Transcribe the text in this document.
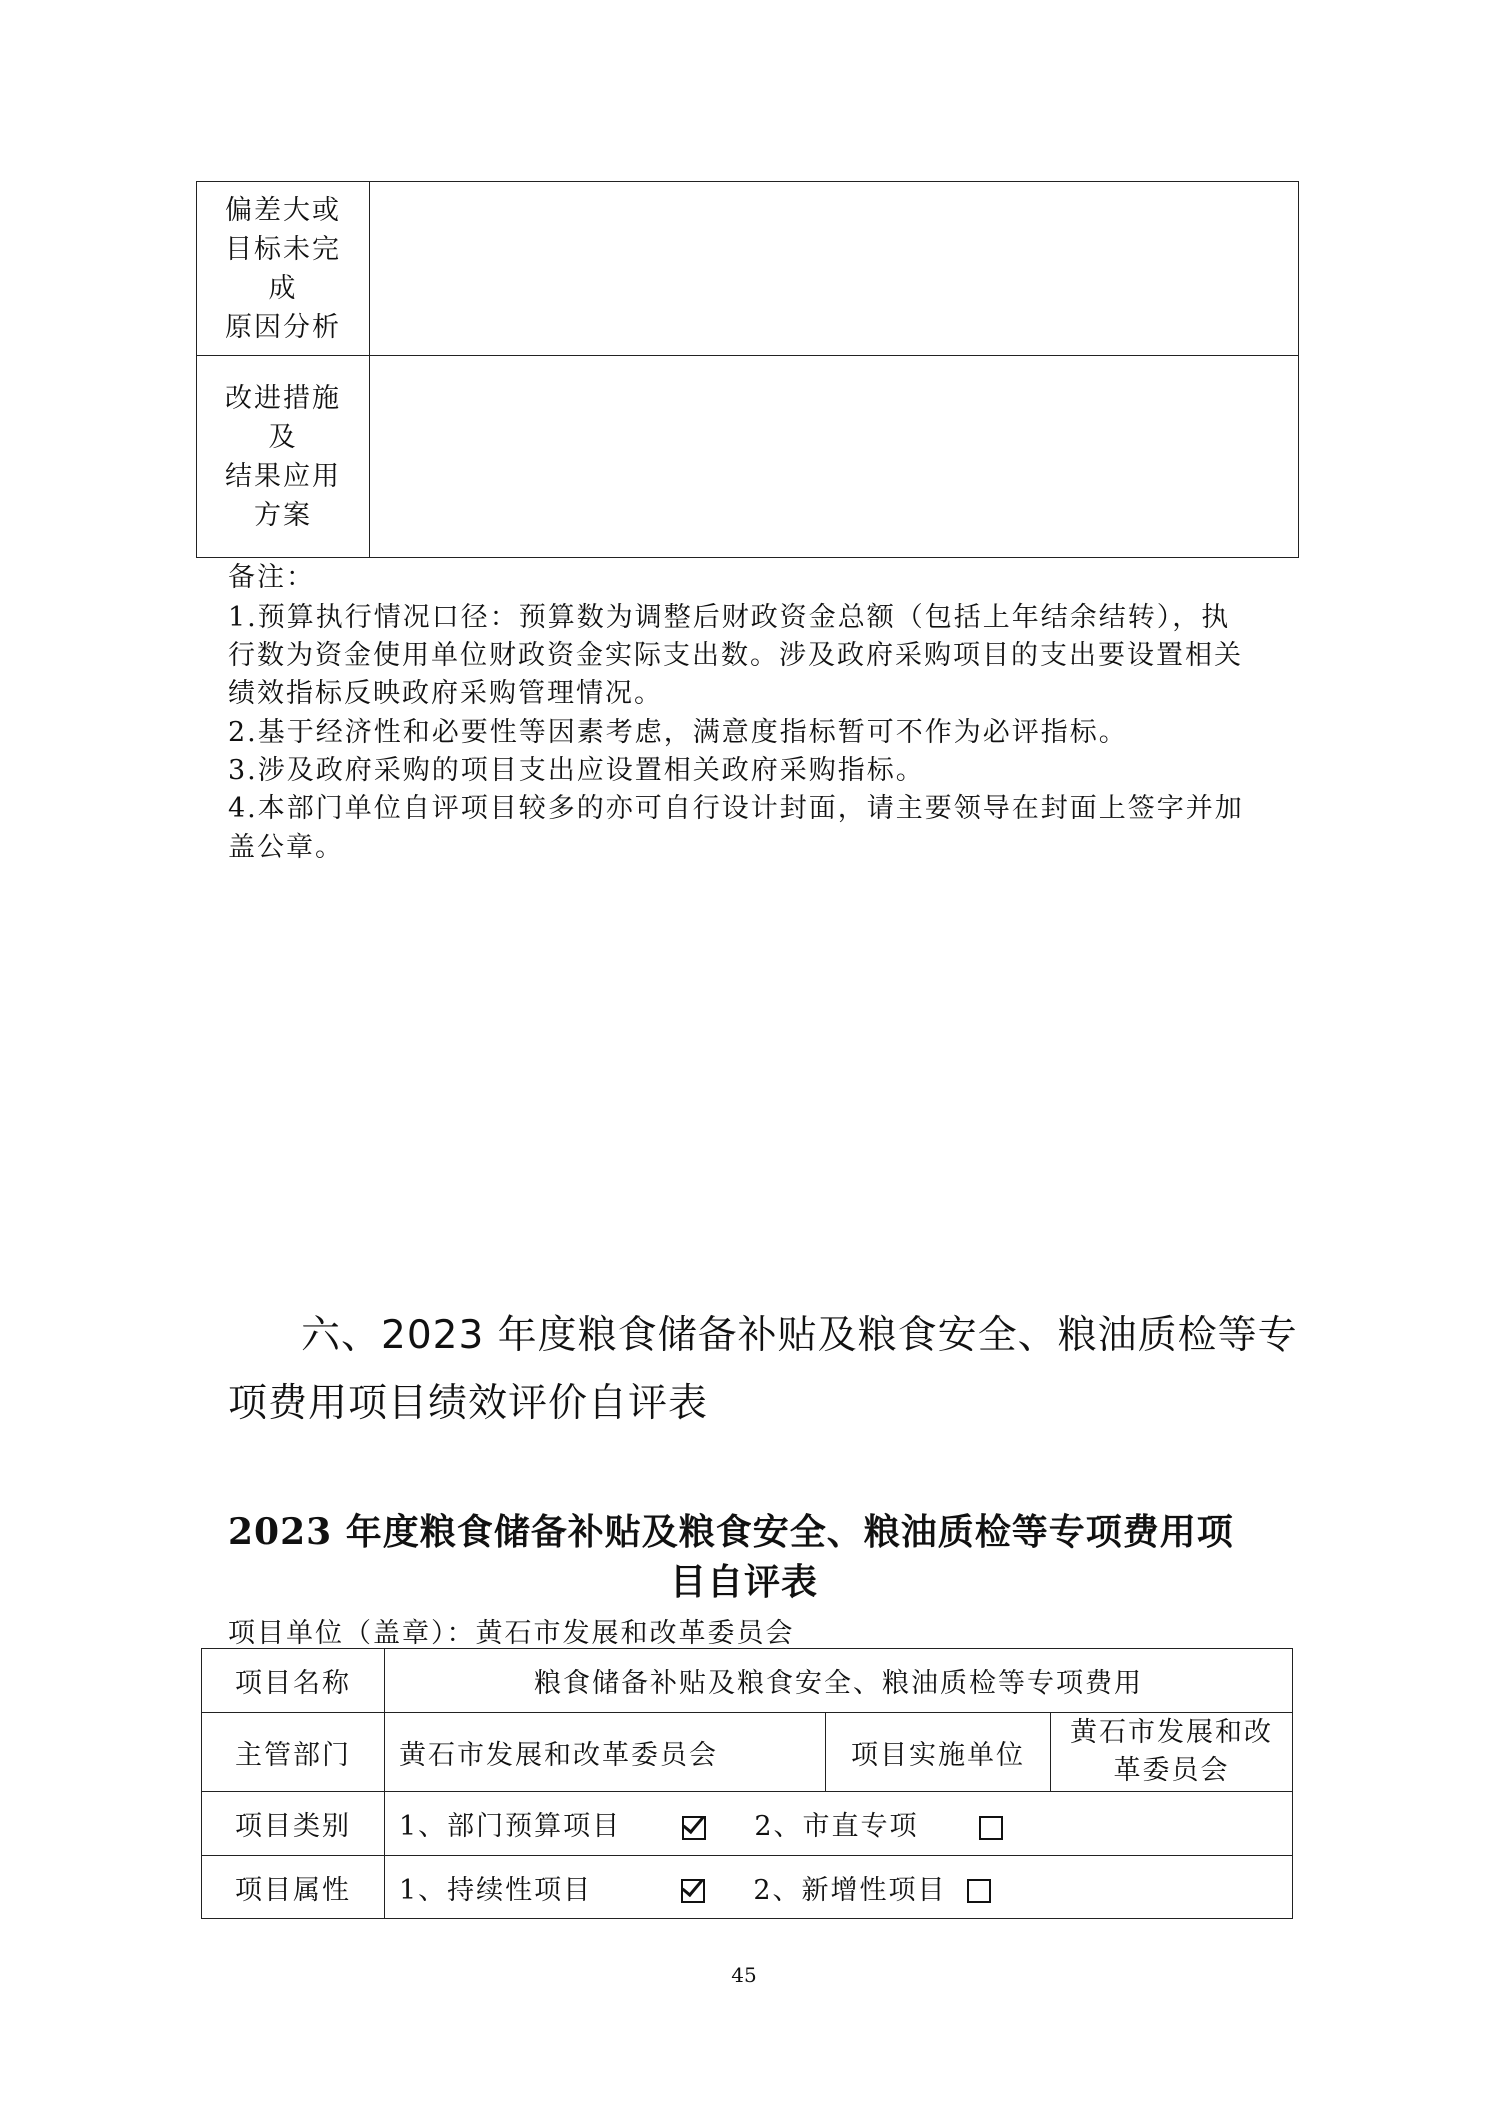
偏差大或
目标未完
成
原因分析	

改进措施
及
结果应用
方案	

备注：
1.预算执行情况口径：预算数为调整后财政资金总额（包括上年结余结转），执
行数为资金使用单位财政资金实际支出数。涉及政府采购项目的支出要设置相关
绩效指标反映政府采购管理情况。
2.基于经济性和必要性等因素考虑，满意度指标暂可不作为必评指标。
3.涉及政府采购的项目支出应设置相关政府采购指标。
4.本部门单位自评项目较多的亦可自行设计封面，请主要领导在封面上签字并加
盖公章。
六、2023 年度粮食储备补贴及粮食安全、粮油质检等专
项费用项目绩效评价自评表
2023 年度粮食储备补贴及粮食安全、粮油质检等专项费用项
目自评表
项目单位（盖章）：黄石市发展和改革委员会
项目名称	粮食储备补贴及粮食安全、粮油质检等专项费用		
主管部门	黄石市发展和改革委员会	项目实施单位	黄石市发展和改
革委员会

项目类别	1、部门预算项目 2、市直专项		
项目属性	1、持续性项目 2、新增性项目		
45
